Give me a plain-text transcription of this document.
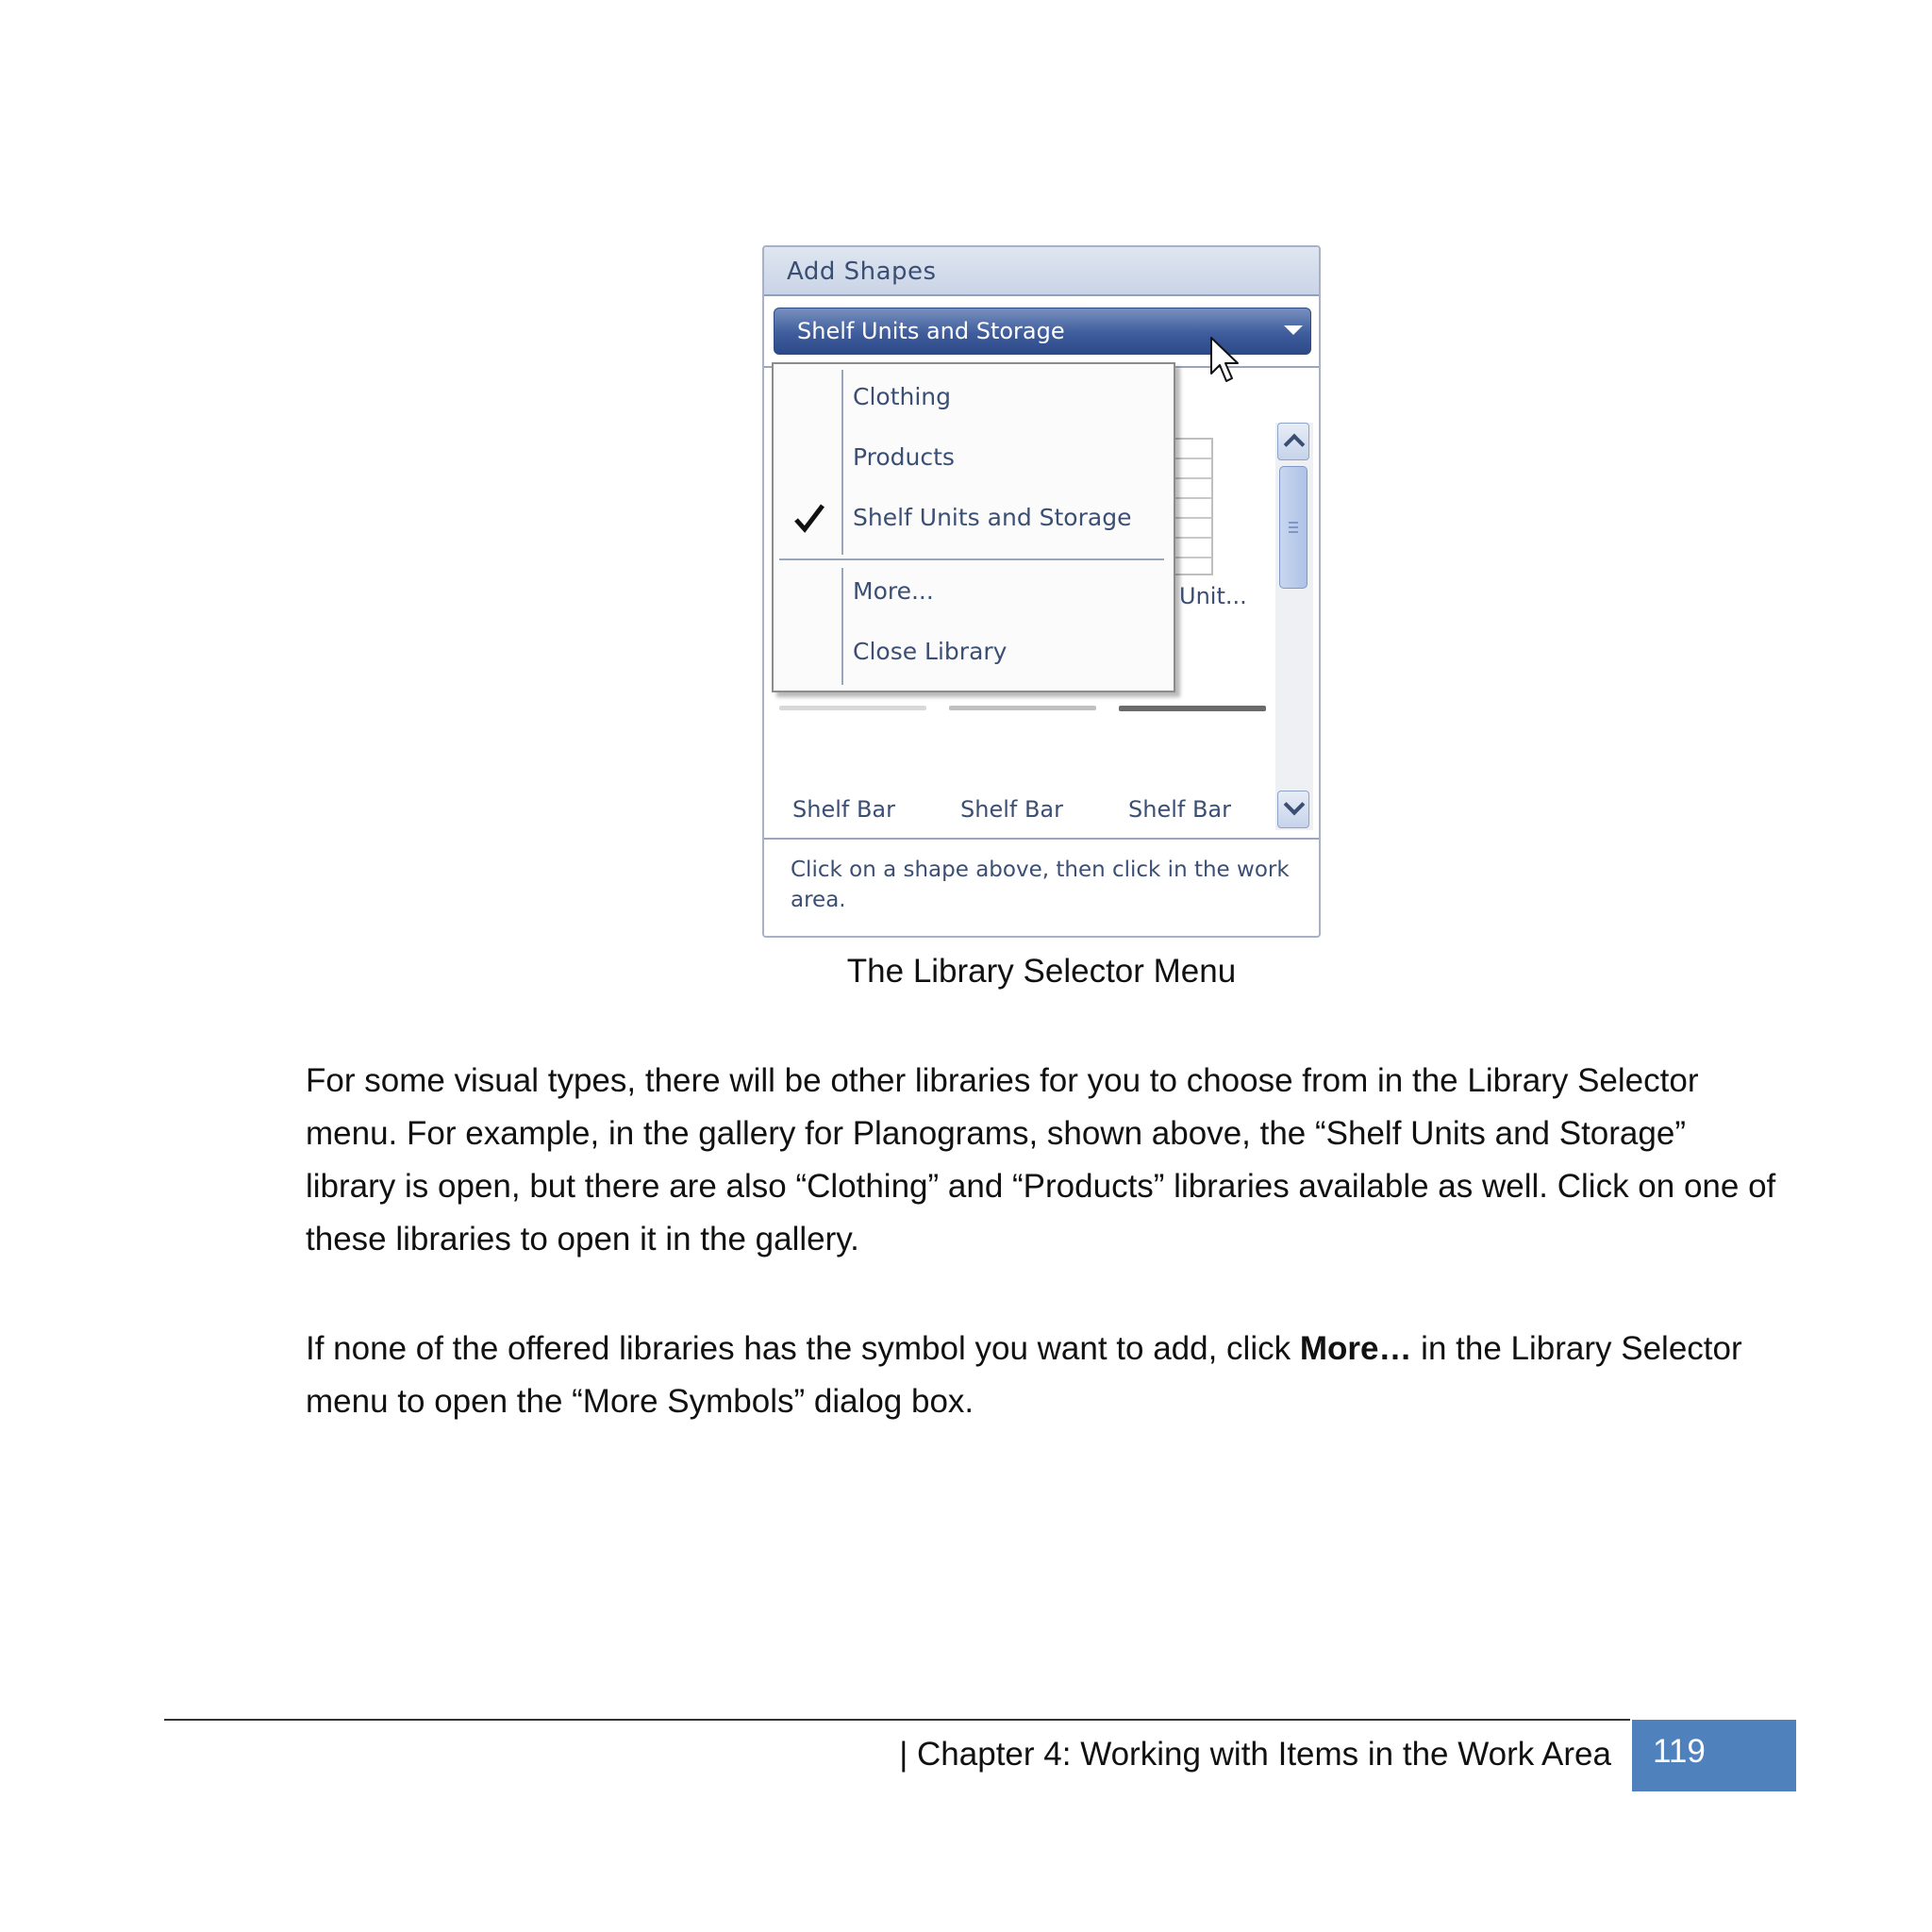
Add Shapes
Shelf Units and Storage
Unit...
Shelf Bar	Shelf Bar	Shelf Bar
Click on a shape above, then click in the work area.
Clothing
Products
Shelf Units and Storage
More...
Close Library
The Library Selector Menu

For some visual types, there will be other libraries for you to choose from in the Library Selector menu. For example, in the gallery for Planograms, shown above, the “Shelf Units and Storage” library is open, but there are also “Clothing” and “Products” libraries available as well. Click on one of these libraries to open it in the gallery.

If none of the offered libraries has the symbol you want to add, click More… in the Library Selector menu to open the “More Symbols” dialog box.

| Chapter 4: Working with Items in the Work Area 119
